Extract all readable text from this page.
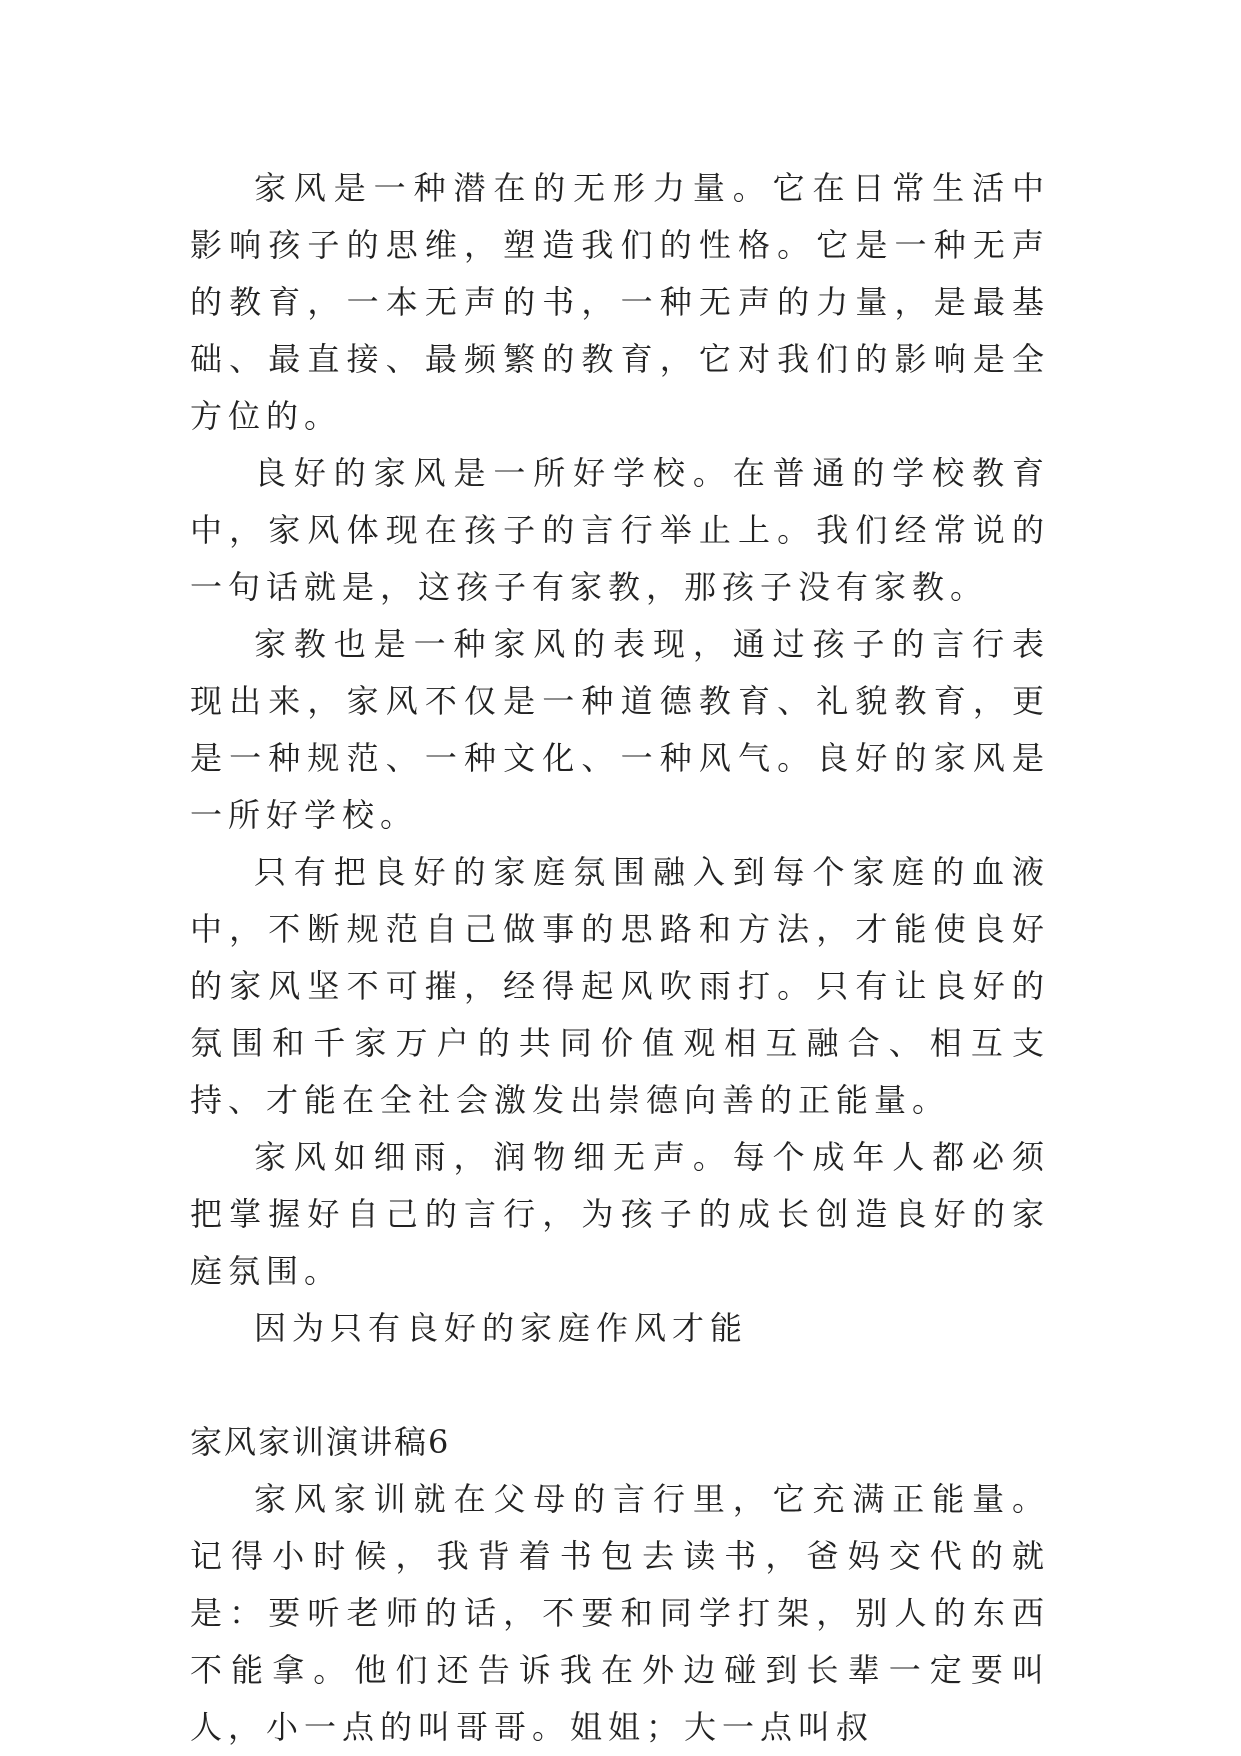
家风是一种潜在的无形力量。它在日常生活中影响孩子的思维，塑造我们的性格。它是一种无声的教育，一本无声的书，一种无声的力量，是最基础、最直接、最频繁的教育，它对我们的影响是全方位的。

良好的家风是一所好学校。在普通的学校教育中，家风体现在孩子的言行举止上。我们经常说的一句话就是，这孩子有家教，那孩子没有家教。

家教也是一种家风的表现，通过孩子的言行表现出来，家风不仅是一种道德教育、礼貌教育，更是一种规范、一种文化、一种风气。良好的家风是一所好学校。

只有把良好的家庭氛围融入到每个家庭的血液中，不断规范自己做事的思路和方法，才能使良好的家风坚不可摧，经得起风吹雨打。只有让良好的氛围和千家万户的共同价值观相互融合、相互支持、才能在全社会激发出崇德向善的正能量。

家风如细雨，润物细无声。每个成年人都必须把掌握好自己的言行，为孩子的成长创造良好的家庭氛围。

因为只有良好的家庭作风才能

家风家训演讲稿6

家风家训就在父母的言行里，它充满正能量。记得小时候，我背着书包去读书，爸妈交代的就是：要听老师的话，不要和同学打架，别人的东西不能拿。他们还告诉我在外边碰到长辈一定要叫人，小一点的叫哥哥。姐姐；大一点叫叔
